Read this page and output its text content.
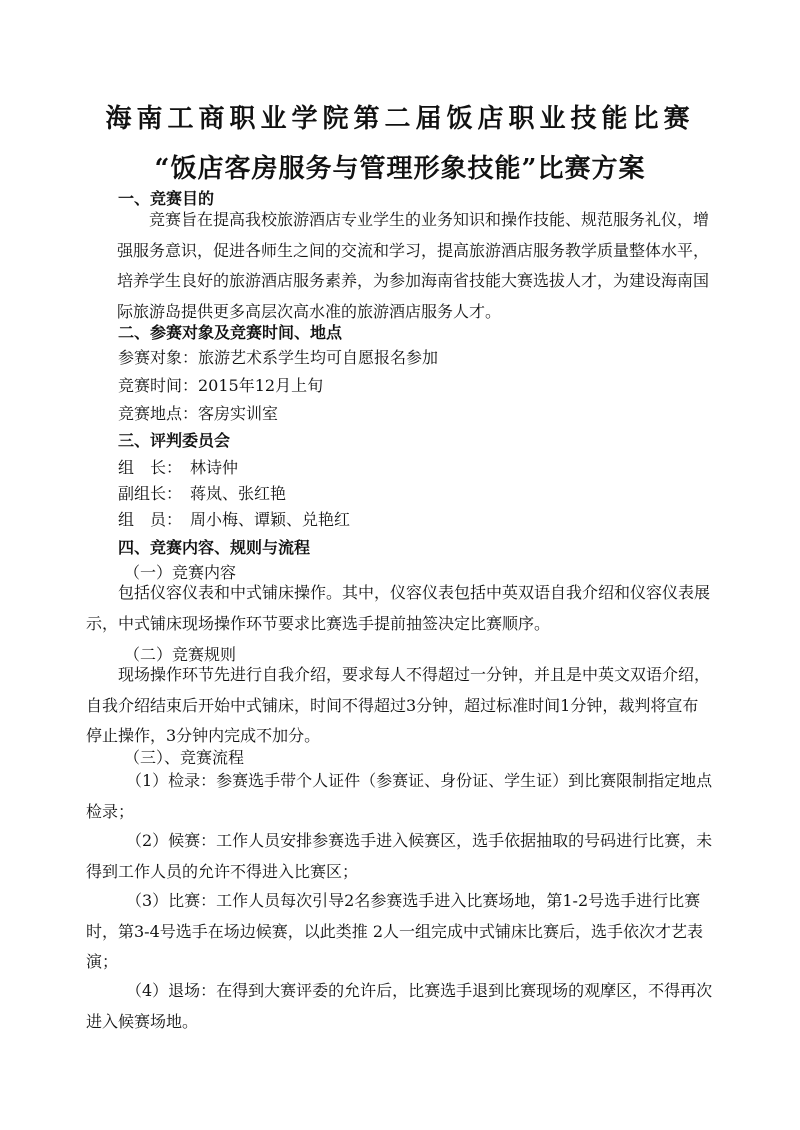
海南工商职业学院第二届饭店职业技能比赛
“饭店客房服务与管理形象技能”比赛方案
一、竞赛目的
竞赛旨在提高我校旅游酒店专业学生的业务知识和操作技能、规范服务礼仪，增强服务意识，促进各师生之间的交流和学习，提高旅游酒店服务教学质量整体水平，培养学生良好的旅游酒店服务素养，为参加海南省技能大赛选拔人才，为建设海南国际旅游岛提供更多高层次高水准的旅游酒店服务人才。
二、参赛对象及竞赛时间、地点
参赛对象：旅游艺术系学生均可自愿报名参加
竞赛时间：2015年12月上旬
竞赛地点：客房实训室
三、评判委员会
组　长： 林诗仲
副组长： 蒋岚、张红艳
组　员： 周小梅、谭颖、兑艳红
四、竞赛内容、规则与流程
（一）竞赛内容
包括仪容仪表和中式铺床操作。其中，仪容仪表包括中英双语自我介绍和仪容仪表展示，中式铺床现场操作环节要求比赛选手提前抽签决定比赛顺序。
（二）竞赛规则
现场操作环节先进行自我介绍，要求每人不得超过一分钟，并且是中英文双语介绍，自我介绍结束后开始中式铺床，时间不得超过3分钟，超过标准时间1分钟，裁判将宣布停止操作，3分钟内完成不加分。
（三）、竞赛流程
（1）检录：参赛选手带个人证件（参赛证、身份证、学生证）到比赛限制指定地点检录；
（2）候赛：工作人员安排参赛选手进入候赛区，选手依据抽取的号码进行比赛，未得到工作人员的允许不得进入比赛区；
（3）比赛：工作人员每次引导2名参赛选手进入比赛场地，第1-2号选手进行比赛时，第3-4号选手在场边候赛，以此类推 2人一组完成中式铺床比赛后，选手依次才艺表演；
（4）退场：在得到大赛评委的允许后，比赛选手退到比赛现场的观摩区，不得再次进入候赛场地。
